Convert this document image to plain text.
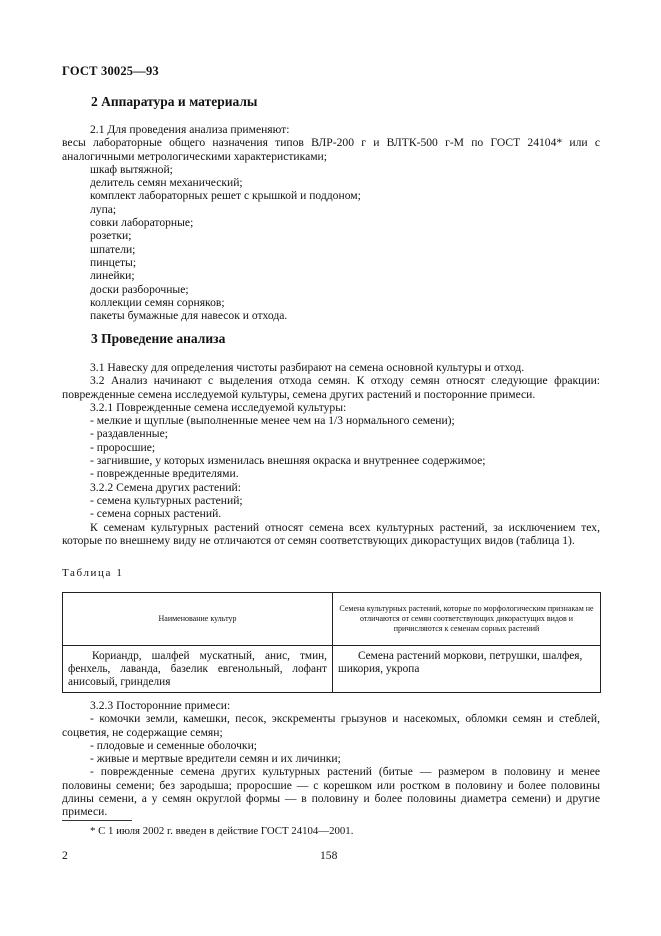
ГОСТ 30025—93
2 Аппаратура и материалы

2.1 Для проведения анализа применяют:

весы лабораторные общего назначения типов ВЛР-200 г и ВЛТК-500 г-М по ГОСТ 24104* или с аналогичными метрологическими характеристиками;

шкаф вытяжной;

делитель семян механический;

комплект лабораторных решет с крышкой и поддоном;

лупа;

совки лабораторные;

розетки;

шпатели;

пинцеты;

линейки;

доски разборочные;

коллекции семян сорняков;

пакеты бумажные для навесок и отхода.

3 Проведение анализа

3.1 Навеску для определения чистоты разбирают на семена основной культуры и отход.

3.2 Анализ начинают с выделения отхода семян. К отходу семян относят следующие фракции: поврежденные семена исследуемой культуры, семена других растений и посторонние примеси.

3.2.1 Поврежденные семена исследуемой культуры:

- мелкие и щуплые (выполненные менее чем на 1/3 нормального семени);

- раздавленные;

- проросшие;

- загнившие, у которых изменилась внешняя окраска и внутреннее содержимое;

- поврежденные вредителями.

3.2.2 Семена других растений:

- семена культурных растений;

- семена сорных растений.

К семенам культурных растений относят семена всех культурных растений, за исключением тех, которые по внешнему виду не отличаются от семян соответствующих дикорастущих видов (таблица 1).

Таблица 1
Наименование культур	Семена культурных растений, которые по морфологическим признакам не отличаются от семян соответствующих дикорастущих видов и причисляются к семенам сорных растений
Кориандр, шалфей мускатный, анис, тмин, фенхель, лаванда, базелик евгенольный, лофант анисовый, гринделия	Семена растений моркови, петрушки, шалфея, шикория, укропа

3.2.3 Посторонние примеси:

- комочки земли, камешки, песок, экскременты грызунов и насекомых, обломки семян и стеблей, соцветия, не содержащие семян;

- плодовые и семенные оболочки;

- живые и мертвые вредители семян и их личинки;

- поврежденные семена других культурных растений (битые — размером в половину и менее половины семени; без зародыша; проросшие — с корешком или ростком в половину и более половины длины семени, а у семян округлой формы — в половину и более половины диаметра семени) и другие примеси.

* С 1 июля 2002 г. введен в действие ГОСТ 24104—2001.
2	158
